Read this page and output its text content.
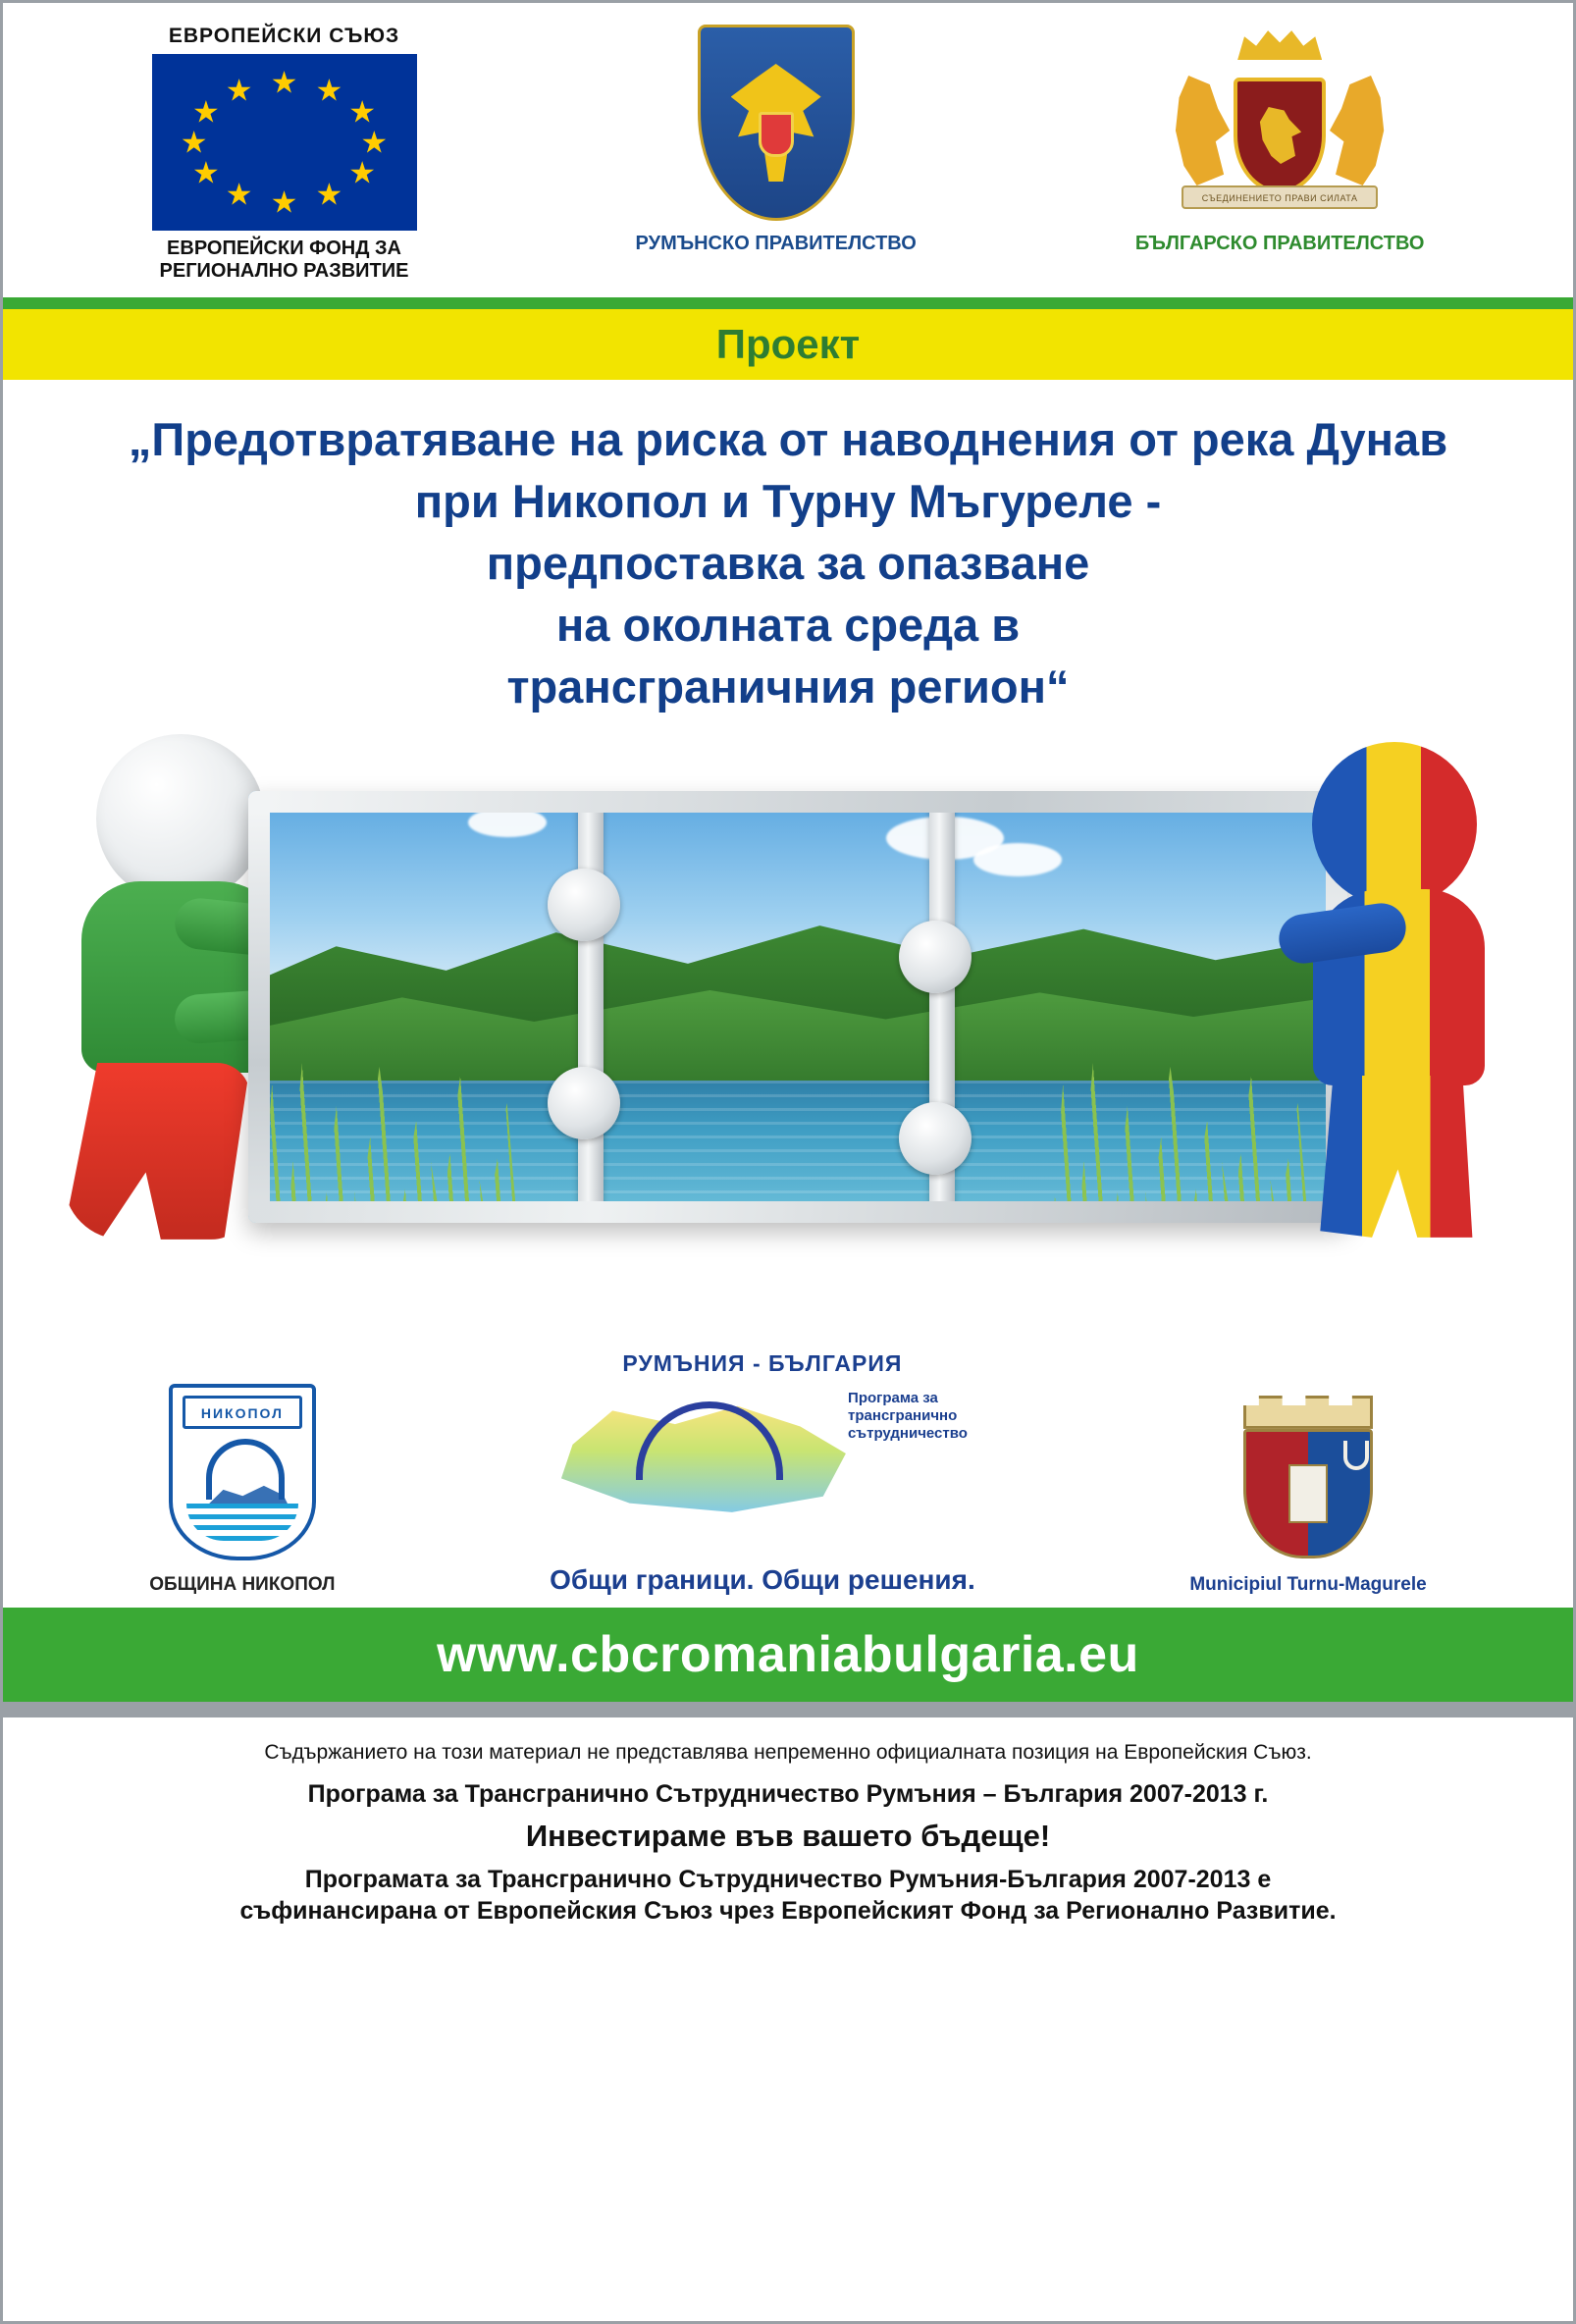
ЕВРОПЕЙСКИ СЪЮЗ
★ ★
★
★
★
★
★
★
★
★
★
★
ЕВРОПЕЙСКИ ФОНД ЗА
РЕГИОНАЛНО РАЗВИТИЕ
РУМЪНСКО ПРАВИТЕЛСТВО
СЪЕДИНЕНИЕТО ПРАВИ СИЛАТА
БЪЛГАРСКО ПРАВИТЕЛСТВО
Проект
„Предотвратяване на риска от наводнения от река Дунав
при Никопол и Турну Мъгуреле -
предпоставка за опазване
на околната среда в
трансграничния регион“
НИКОПОЛ
ОБЩИНА НИКОПОЛ
РУМЪНИЯ - БЪЛГАРИЯ
Програма за
трансгранично
сътрудничество
Общи граници. Общи решения.	Municipiul Turnu-Magurele
www.cbcromaniabulgaria.eu
Съдържанието на този материал не представлява непременно официалната позиция на Европейския Съюз.
Програма за Трансгранично Сътрудничество Румъния – България 2007-2013 г.
Инвестираме във вашето бъдеще!
Програмата за Трансгранично Сътрудничество Румъния-България 2007-2013 е
съфинансирана от Европейския Съюз чрез Европейският Фонд за Регионално Развитие.
